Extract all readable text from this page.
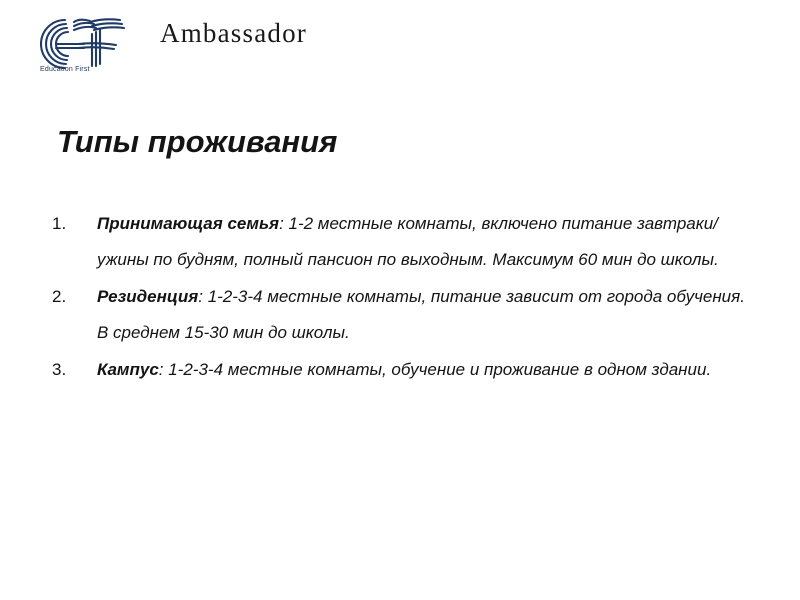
Education First
Ambassador
Типы проживания
1. Принимающая семья: 1-2 местные комнаты, включено питание завтраки/ужины по будням, полный пансион по выходным. Максимум 60 мин до школы.
2. Резиденция: 1-2-3-4 местные комнаты, питание зависит от города обучения. В среднем 15-30 мин до школы.
3. Кампус: 1-2-3-4 местные комнаты, обучение и проживание в одном здании.
